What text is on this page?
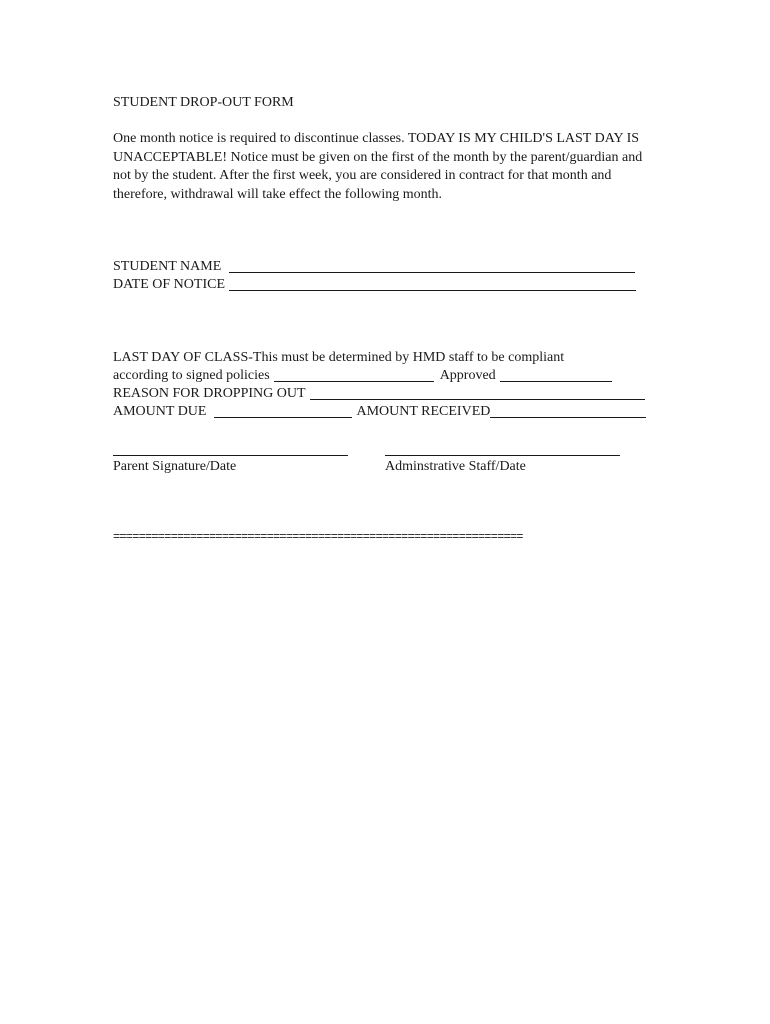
STUDENT DROP-OUT FORM
One month notice is required to discontinue classes. TODAY IS MY CHILD'S LAST DAY IS UNACCEPTABLE! Notice must be given on the first of the month by the parent/guardian and not by the student. After the first week, you are considered in contract for that month and therefore, withdrawal will take effect the following month.
STUDENT NAME
DATE OF NOTICE
LAST DAY OF CLASS-This must be determined by HMD staff to be compliant
according to signed policies	Approved
REASON FOR DROPPING OUT
AMOUNT DUE	AMOUNT RECEIVED
Parent Signature/Date	Adminstrative Staff/Date
================================================================
